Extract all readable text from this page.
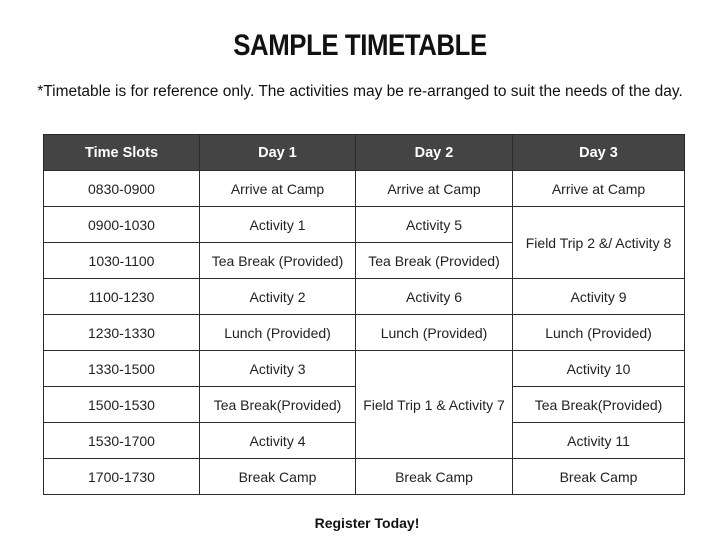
SAMPLE TIMETABLE
*Timetable is for reference only. The activities may be re-arranged to suit the needs of the day.
Time Slots	Day 1	Day 2	Day 3
0830-0900	Arrive at Camp	Arrive at Camp	Arrive at Camp
0900-1030	Activity 1	Activity 5	Field Trip 2 &/ Activity 8
1030-1100	Tea Break (Provided)	Tea Break (Provided)	
1100-1230	Activity 2	Activity 6	Activity 9
1230-1330	Lunch (Provided)	Lunch (Provided)	Lunch (Provided)
1330-1500	Activity 3	Field Trip 1 & Activity 7	Activity 10
1500-1530	Tea Break(Provided)		Tea Break(Provided)
1530-1700	Activity 4		Activity 11
1700-1730	Break Camp	Break Camp	Break Camp
Register Today!
